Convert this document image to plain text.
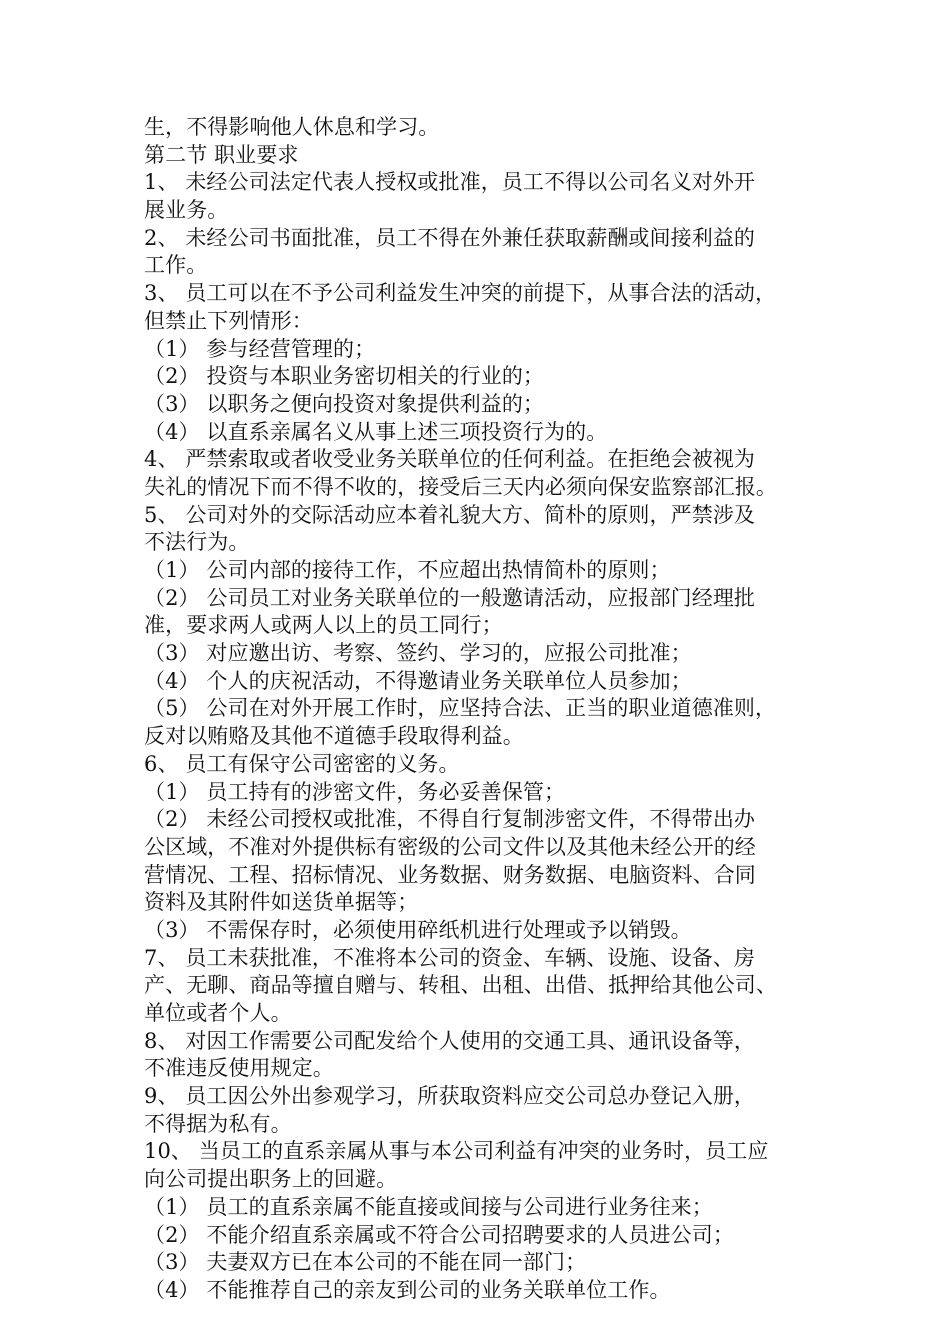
生，不得影响他人休息和学习。
第二节 职业要求
1、 未经公司法定代表人授权或批准，员工不得以公司名义对外开
展业务。
2、 未经公司书面批准，员工不得在外兼任获取薪酬或间接利益的
工作。
3、 员工可以在不予公司利益发生冲突的前提下，从事合法的活动，
但禁止下列情形：
（1） 参与经营管理的；
（2） 投资与本职业务密切相关的行业的；
（3） 以职务之便向投资对象提供利益的；
（4） 以直系亲属名义从事上述三项投资行为的。
4、 严禁索取或者收受业务关联单位的任何利益。在拒绝会被视为
失礼的情况下而不得不收的，接受后三天内必须向保安监察部汇报。
5、 公司对外的交际活动应本着礼貌大方、简朴的原则，严禁涉及
不法行为。
（1） 公司内部的接待工作，不应超出热情简朴的原则；
（2） 公司员工对业务关联单位的一般邀请活动，应报部门经理批
准，要求两人或两人以上的员工同行；
（3） 对应邀出访、考察、签约、学习的，应报公司批准；
（4） 个人的庆祝活动，不得邀请业务关联单位人员参加；
（5） 公司在对外开展工作时，应坚持合法、正当的职业道德准则，
反对以贿赂及其他不道德手段取得利益。
6、 员工有保守公司密密的义务。
（1） 员工持有的涉密文件，务必妥善保管；
（2） 未经公司授权或批准，不得自行复制涉密文件，不得带出办
公区域，不准对外提供标有密级的公司文件以及其他未经公开的经
营情况、工程、招标情况、业务数据、财务数据、电脑资料、合同
资料及其附件如送货单据等；
（3） 不需保存时，必须使用碎纸机进行处理或予以销毁。
7、 员工未获批准，不准将本公司的资金、车辆、设施、设备、房
产、无聊、商品等擅自赠与、转租、出租、出借、抵押给其他公司、
单位或者个人。
8、 对因工作需要公司配发给个人使用的交通工具、通讯设备等，
不准违反使用规定。
9、 员工因公外出参观学习，所获取资料应交公司总办登记入册，
不得据为私有。
10、 当员工的直系亲属从事与本公司利益有冲突的业务时，员工应
向公司提出职务上的回避。
（1） 员工的直系亲属不能直接或间接与公司进行业务往来；
（2） 不能介绍直系亲属或不符合公司招聘要求的人员进公司；
（3） 夫妻双方已在本公司的不能在同一部门；
（4） 不能推荐自己的亲友到公司的业务关联单位工作。
